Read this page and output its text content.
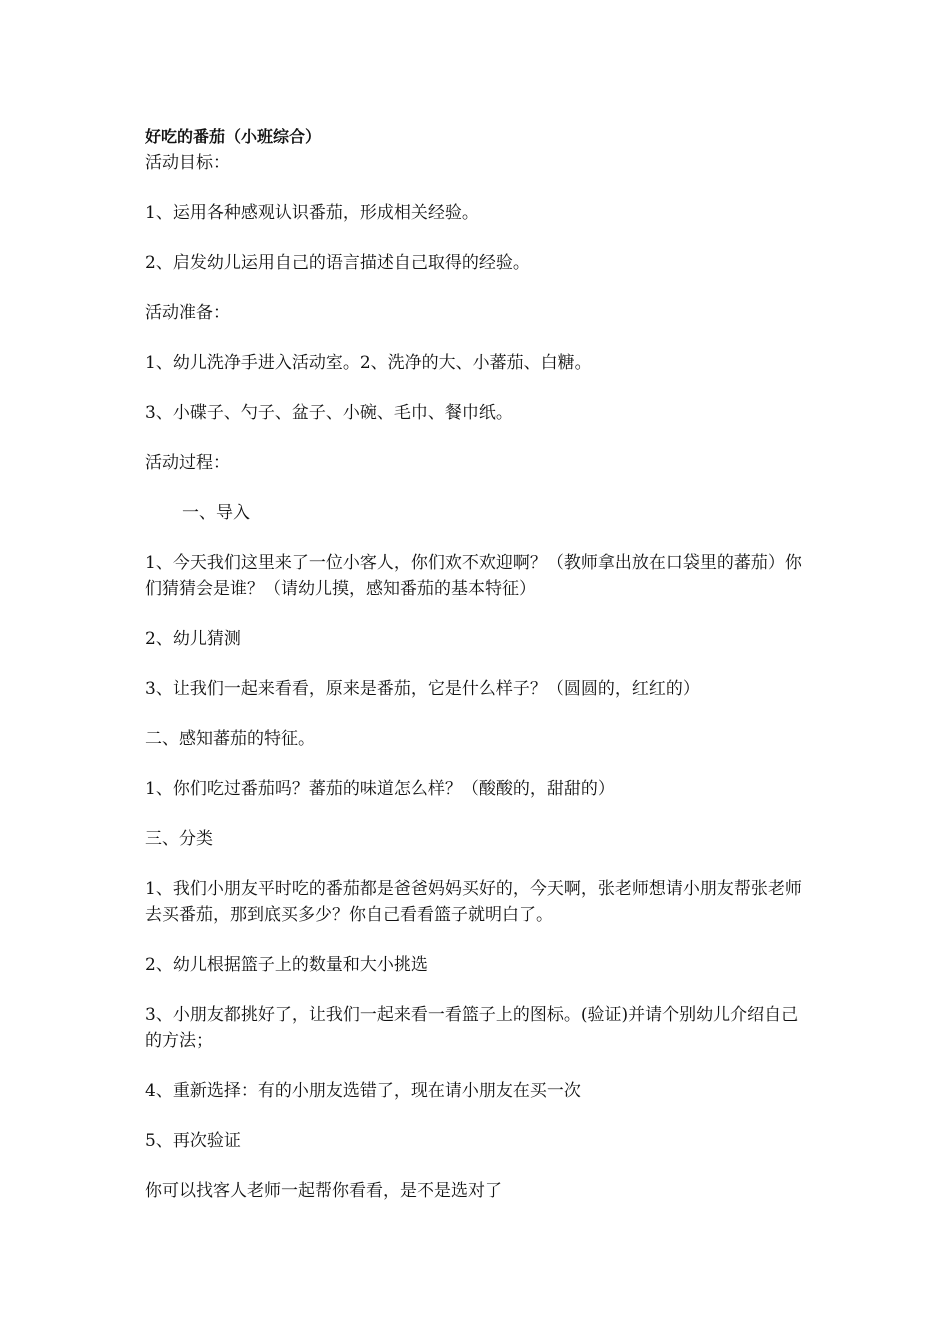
好吃的番茄（小班综合）

活动目标：

1、运用各种感观认识番茄，形成相关经验。

2、启发幼儿运用自己的语言描述自己取得的经验。

活动准备：

1、幼儿洗净手进入活动室。2、洗净的大、小蕃茄、白糖。

3、小碟子、勺子、盆子、小碗、毛巾、餐巾纸。

活动过程：

一、导入

1、今天我们这里来了一位小客人，你们欢不欢迎啊？（教师拿出放在口袋里的蕃茄）你们猜猜会是谁？（请幼儿摸，感知番茄的基本特征）

2、幼儿猜测

3、让我们一起来看看，原来是番茄，它是什么样子？（圆圆的，红红的）

二、感知蕃茄的特征。

1、你们吃过番茄吗？蕃茄的味道怎么样？（酸酸的，甜甜的）

三、分类

1、我们小朋友平时吃的番茄都是爸爸妈妈买好的，今天啊，张老师想请小朋友帮张老师去买番茄，那到底买多少？你自己看看篮子就明白了。

2、幼儿根据篮子上的数量和大小挑选

3、小朋友都挑好了，让我们一起来看一看篮子上的图标。(验证)并请个别幼儿介绍自己的方法；

4、重新选择：有的小朋友选错了，现在请小朋友在买一次

5、再次验证

你可以找客人老师一起帮你看看，是不是选对了
